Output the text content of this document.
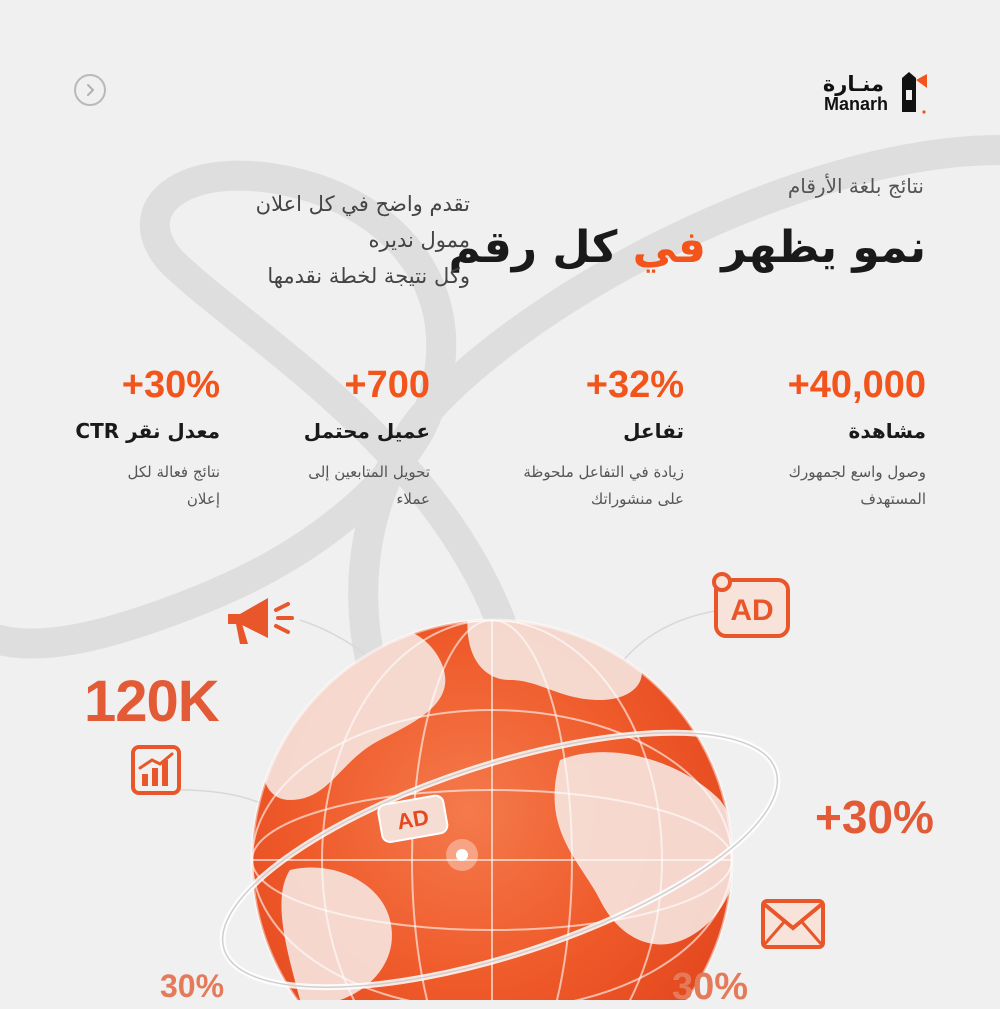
منـارة
Manarh
نتائج بلغة الأرقام
نمو يظهر في كل رقم
تقدم واضح في كل اعلان ممول نديره
وكل نتيجة لخطة نقدمها
+40,000
مشاهدة
وصول واسع لجمهورك
المستهدف
+32%
تفاعل
زيادة في التفاعل ملحوظة
على منشوراتك
+700
عميل محتمل
تحويل المتابعين إلى
عملاء
+30%
معدل نقر CTR
نتائج فعالة لكل
إعلان
AD
120K
+30%
30%	30%
AD
